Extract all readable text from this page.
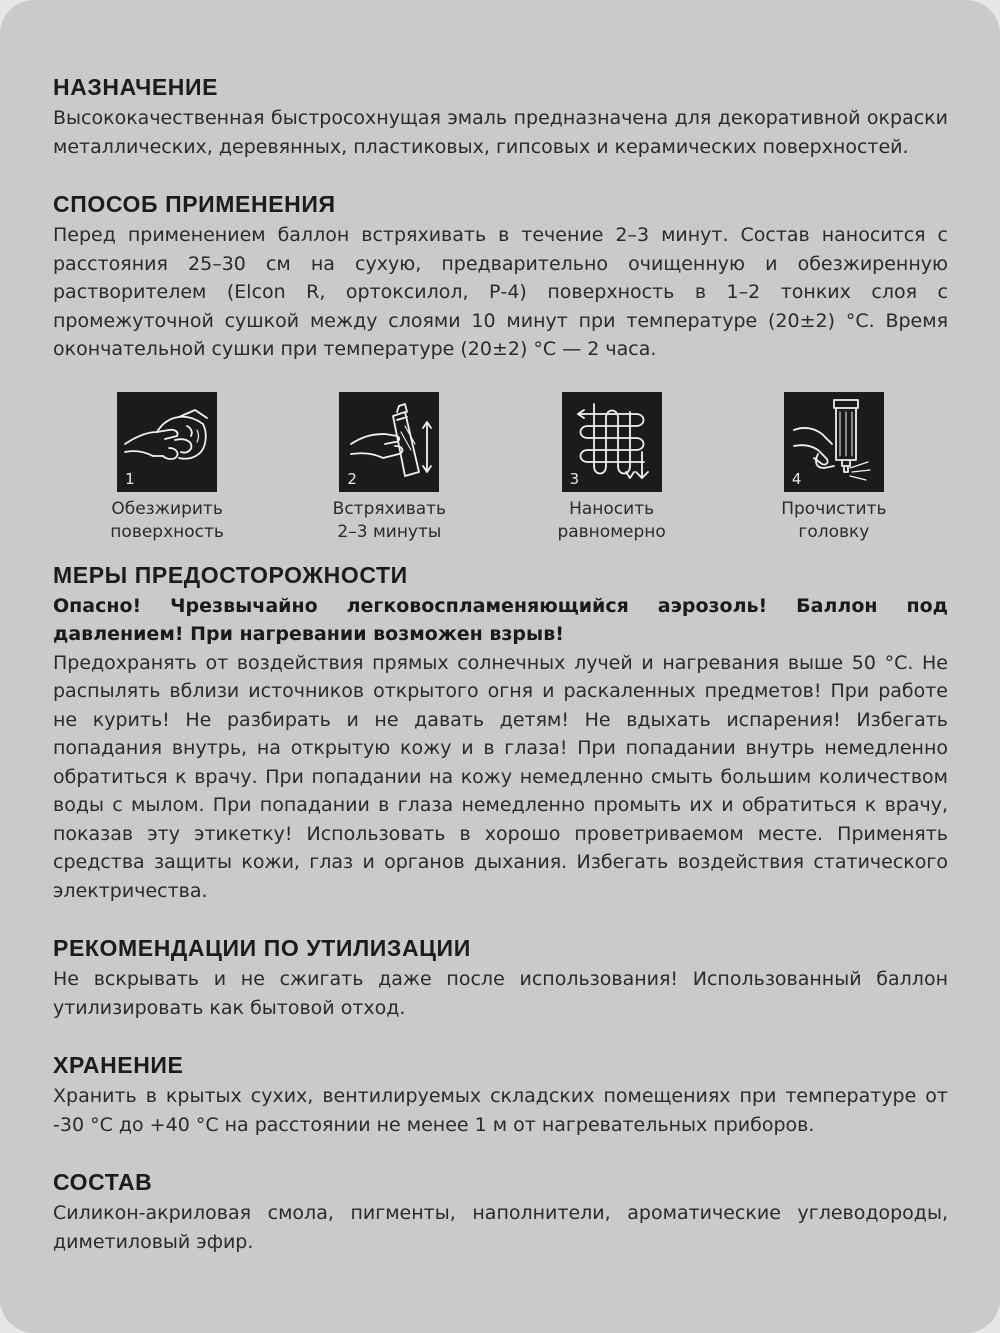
НАЗНАЧЕНИЕ

Высококачественная быстросохнущая эмаль предназначена для декоративной окраски металлических, деревянных, пластиковых, гипсовых и керамических поверхностей.

СПОСОБ ПРИМЕНЕНИЯ

Перед применением баллон встряхивать в течение 2–3 минут. Состав наносится с расстояния 25–30 см на сухую, предварительно очищенную и обезжиренную растворителем (Elcon R, ортоксилол, Р-4) поверхность в 1–2 тонких слоя с промежуточной сушкой между слоями 10 минут при температуре (20±2) °С. Время окончательной сушки при температуре (20±2) °С — 2 часа.

1
Обезжирить
поверхность
2
Встряхивать
2–3 минуты
3
Наносить
равномерно
4
Прочистить
головку
МЕРЫ ПРЕДОСТОРОЖНОСТИ

Опасно! Чрезвычайно легковоспламеняющийся аэрозоль! Баллон под давлением! При нагревании возможен взрыв!

Предохранять от воздействия прямых солнечных лучей и нагревания выше 50 °С. Не распылять вблизи источников открытого огня и раскаленных предметов! При работе не курить! Не разбирать и не давать детям! Не вдыхать испарения! Избегать попадания внутрь, на открытую кожу и в глаза! При попадании внутрь немедленно обратиться к врачу. При попадании на кожу немедленно смыть большим количеством воды с мылом. При попадании в глаза немедленно промыть их и обратиться к врачу, показав эту этикетку! Использовать в хорошо проветриваемом месте. Применять средства защиты кожи, глаз и органов дыхания. Избегать воздействия статического электричества.

РЕКОМЕНДАЦИИ ПО УТИЛИЗАЦИИ

Не вскрывать и не сжигать даже после использования! Использованный баллон утилизировать как бытовой отход.

ХРАНЕНИЕ

Хранить в крытых сухих, вентилируемых складских помещениях при температуре от -30 °С до +40 °С на расстоянии не менее 1 м от нагревательных приборов.

СОСТАВ

Силикон-акриловая смола, пигменты, наполнители, ароматические углеводороды, диметиловый эфир.
